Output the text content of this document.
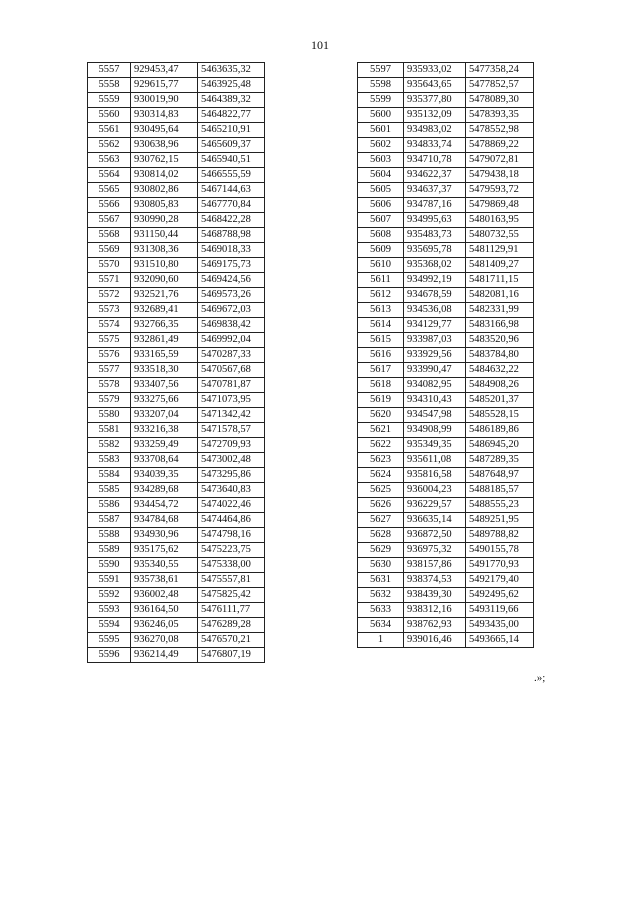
101
5557	929453,47	5463635,32
5558	929615,77	5463925,48
5559	930019,90	5464389,32
5560	930314,83	5464822,77
5561	930495,64	5465210,91
5562	930638,96	5465609,37
5563	930762,15	5465940,51
5564	930814,02	5466555,59
5565	930802,86	5467144,63
5566	930805,83	5467770,84
5567	930990,28	5468422,28
5568	931150,44	5468788,98
5569	931308,36	5469018,33
5570	931510,80	5469175,73
5571	932090,60	5469424,56
5572	932521,76	5469573,26
5573	932689,41	5469672,03
5574	932766,35	5469838,42
5575	932861,49	5469992,04
5576	933165,59	5470287,33
5577	933518,30	5470567,68
5578	933407,56	5470781,87
5579	933275,66	5471073,95
5580	933207,04	5471342,42
5581	933216,38	5471578,57
5582	933259,49	5472709,93
5583	933708,64	5473002,48
5584	934039,35	5473295,86
5585	934289,68	5473640,83
5586	934454,72	5474022,46
5587	934784,68	5474464,86
5588	934930,96	5474798,16
5589	935175,62	5475223,75
5590	935340,55	5475338,00
5591	935738,61	5475557,81
5592	936002,48	5475825,42
5593	936164,50	5476111,77
5594	936246,05	5476289,28
5595	936270,08	5476570,21
5596	936214,49	5476807,19
5597	935933,02	5477358,24
5598	935643,65	5477852,57
5599	935377,80	5478089,30
5600	935132,09	5478393,35
5601	934983,02	5478552,98
5602	934833,74	5478869,22
5603	934710,78	5479072,81
5604	934622,37	5479438,18
5605	934637,37	5479593,72
5606	934787,16	5479869,48
5607	934995,63	5480163,95
5608	935483,73	5480732,55
5609	935695,78	5481129,91
5610	935368,02	5481409,27
5611	934992,19	5481711,15
5612	934678,59	5482081,16
5613	934536,08	5482331,99
5614	934129,77	5483166,98
5615	933987,03	5483520,96
5616	933929,56	5483784,80
5617	933990,47	5484632,22
5618	934082,95	5484908,26
5619	934310,43	5485201,37
5620	934547,98	5485528,15
5621	934908,99	5486189,86
5622	935349,35	5486945,20
5623	935611,08	5487289,35
5624	935816,58	5487648,97
5625	936004,23	5488185,57
5626	936229,57	5488555,23
5627	936635,14	5489251,95
5628	936872,50	5489788,82
5629	936975,32	5490155,78
5630	938157,86	5491770,93
5631	938374,53	5492179,40
5632	938439,30	5492495,62
5633	938312,16	5493119,66
5634	938762,93	5493435,00
1	939016,46	5493665,14
.»;
